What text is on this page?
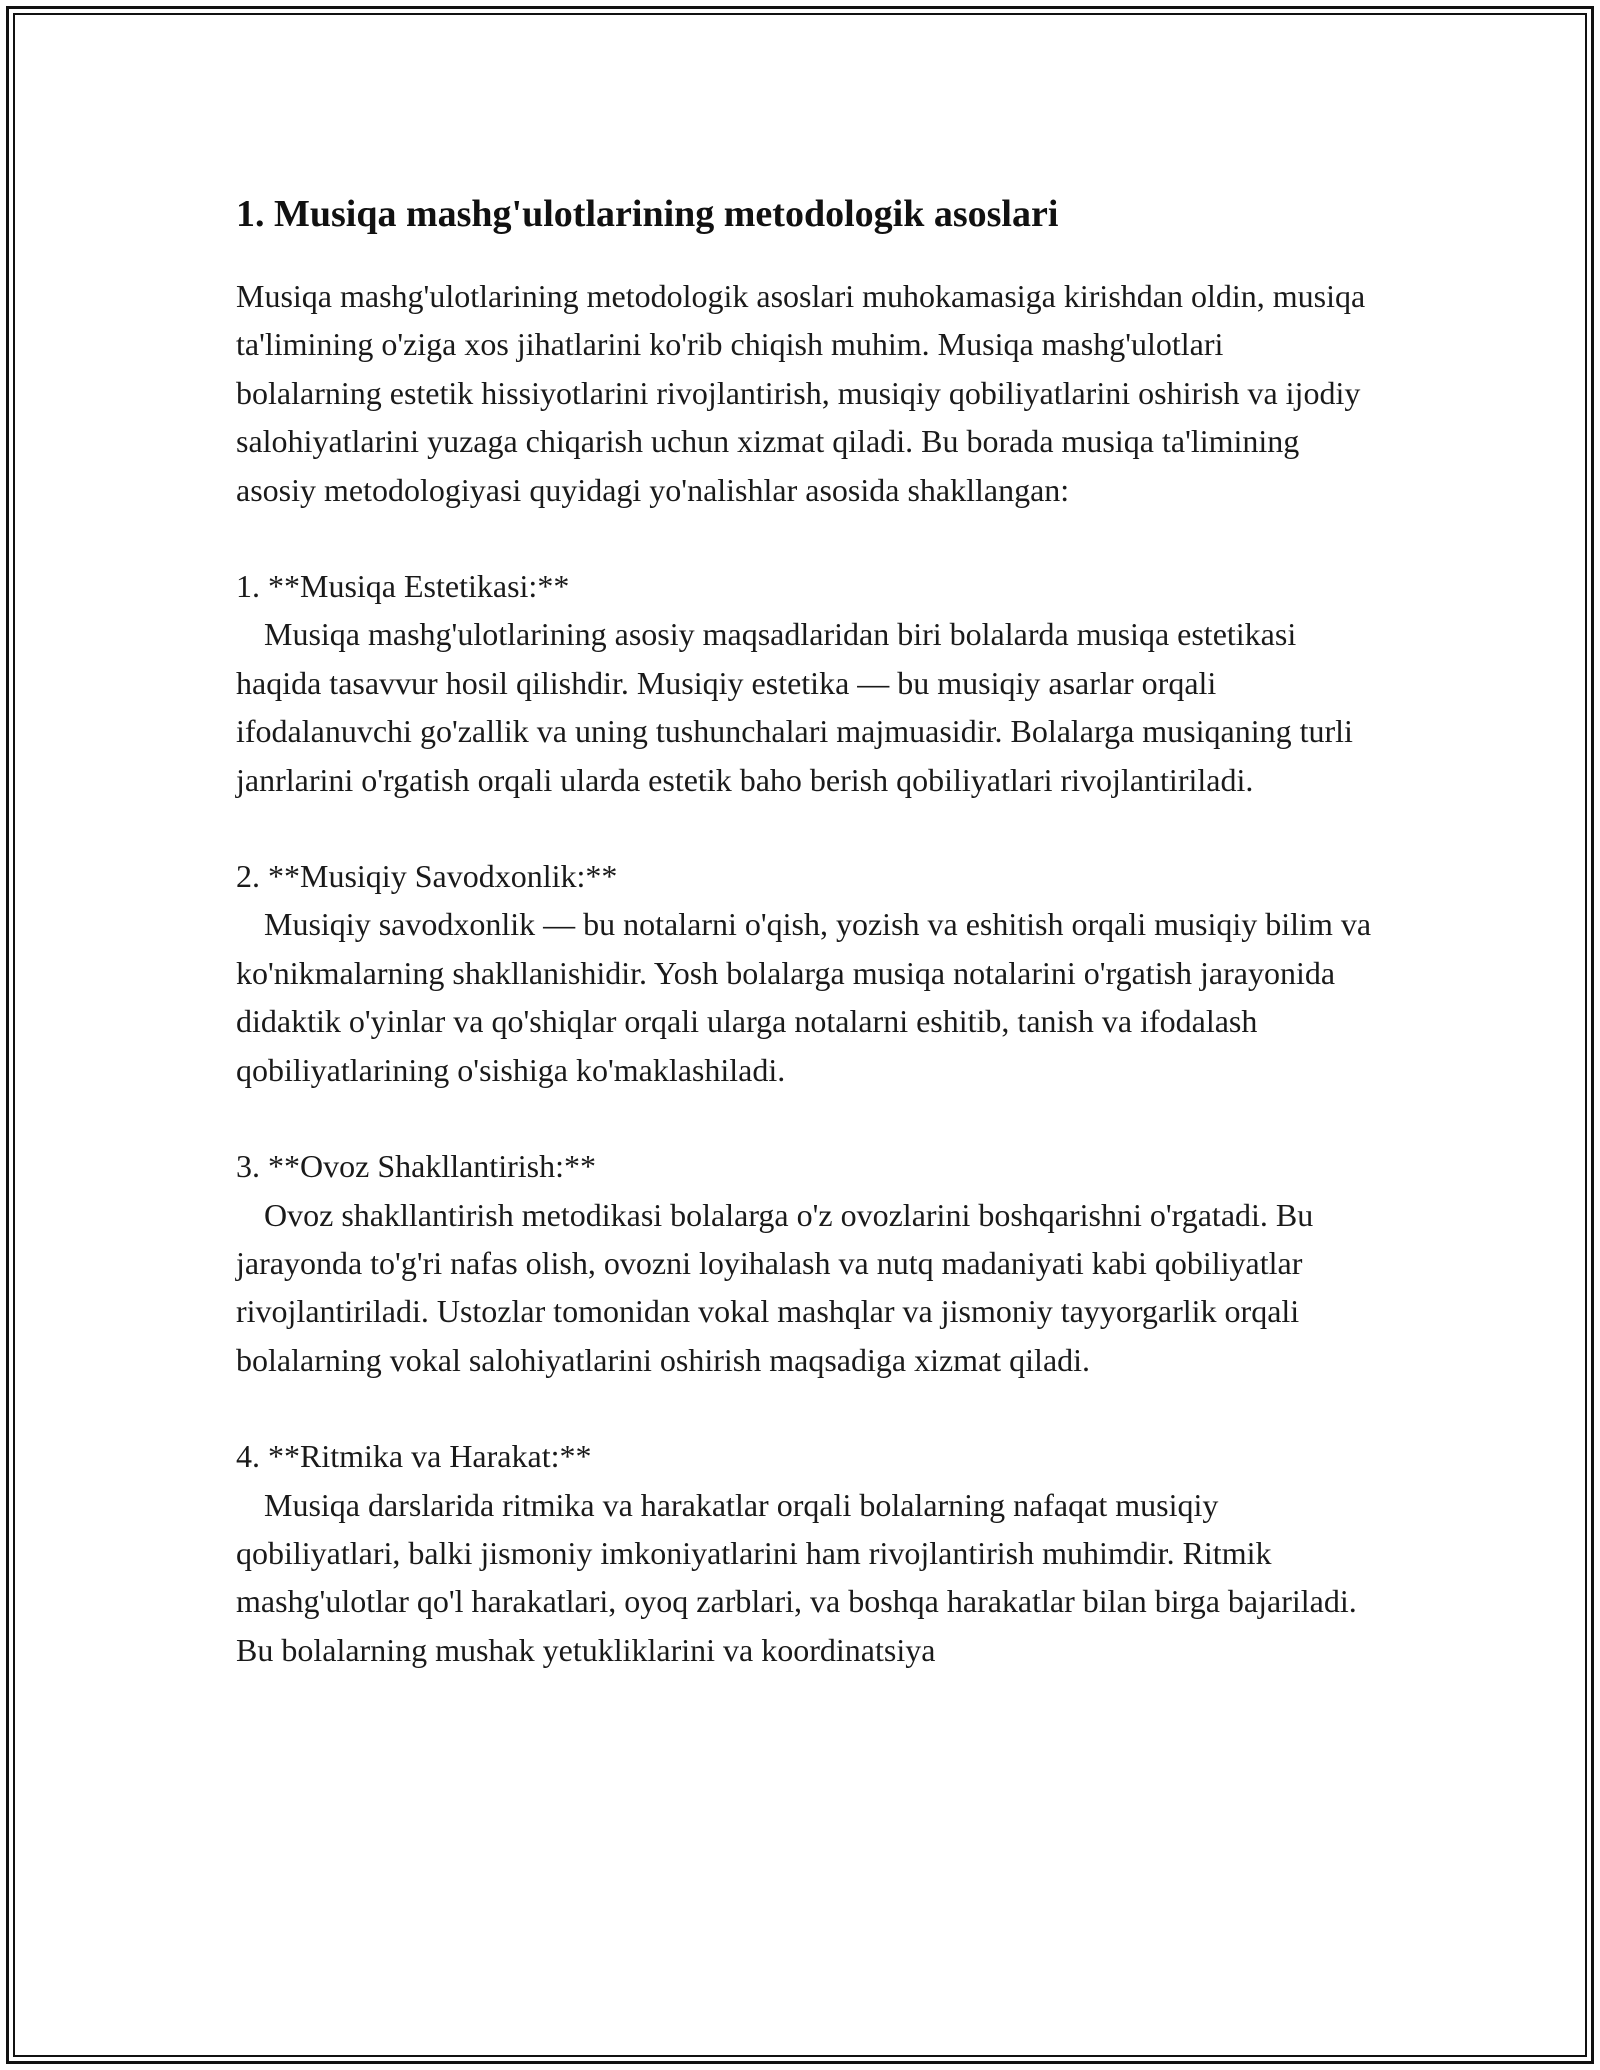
1. Musiqa mashg'ulotlarining metodologik asoslari

Musiqa mashg'ulotlarining metodologik asoslari muhokamasiga kirishdan oldin, musiqa ta'limining o'ziga xos jihatlarini ko'rib chiqish muhim. Musiqa mashg'ulotlari bolalarning estetik hissiyotlarini rivojlantirish, musiqiy qobiliyatlarini oshirish va ijodiy salohiyatlarini yuzaga chiqarish uchun xizmat qiladi. Bu borada musiqa ta'limining asosiy metodologiyasi quyidagi yo'nalishlar asosida shakllangan:

1. **Musiqa Estetikasi:**

Musiqa mashg'ulotlarining asosiy maqsadlaridan biri bolalarda musiqa estetikasi haqida tasavvur hosil qilishdir. Musiqiy estetika — bu musiqiy asarlar orqali ifodalanuvchi go'zallik va uning tushunchalari majmuasidir. Bolalarga musiqaning turli janrlarini o'rgatish orqali ularda estetik baho berish qobiliyatlari rivojlantiriladi.

2. **Musiqiy Savodxonlik:**

Musiqiy savodxonlik — bu notalarni o'qish, yozish va eshitish orqali musiqiy bilim va ko'nikmalarning shakllanishidir. Yosh bolalarga musiqa notalarini o'rgatish jarayonida didaktik o'yinlar va qo'shiqlar orqali ularga notalarni eshitib, tanish va ifodalash qobiliyatlarining o'sishiga ko'maklashiladi.

3. **Ovoz Shakllantirish:**

Ovoz shakllantirish metodikasi bolalarga o'z ovozlarini boshqarishni o'rgatadi. Bu jarayonda to'g'ri nafas olish, ovozni loyihalash va nutq madaniyati kabi qobiliyatlar rivojlantiriladi. Ustozlar tomonidan vokal mashqlar va jismoniy tayyorgarlik orqali bolalarning vokal salohiyatlarini oshirish maqsadiga xizmat qiladi.

4. **Ritmika va Harakat:**

Musiqa darslarida ritmika va harakatlar orqali bolalarning nafaqat musiqiy qobiliyatlari, balki jismoniy imkoniyatlarini ham rivojlantirish muhimdir. Ritmik mashg'ulotlar qo'l harakatlari, oyoq zarblari, va boshqa harakatlar bilan birga bajariladi. Bu bolalarning mushak yetukliklarini va koordinatsiya
